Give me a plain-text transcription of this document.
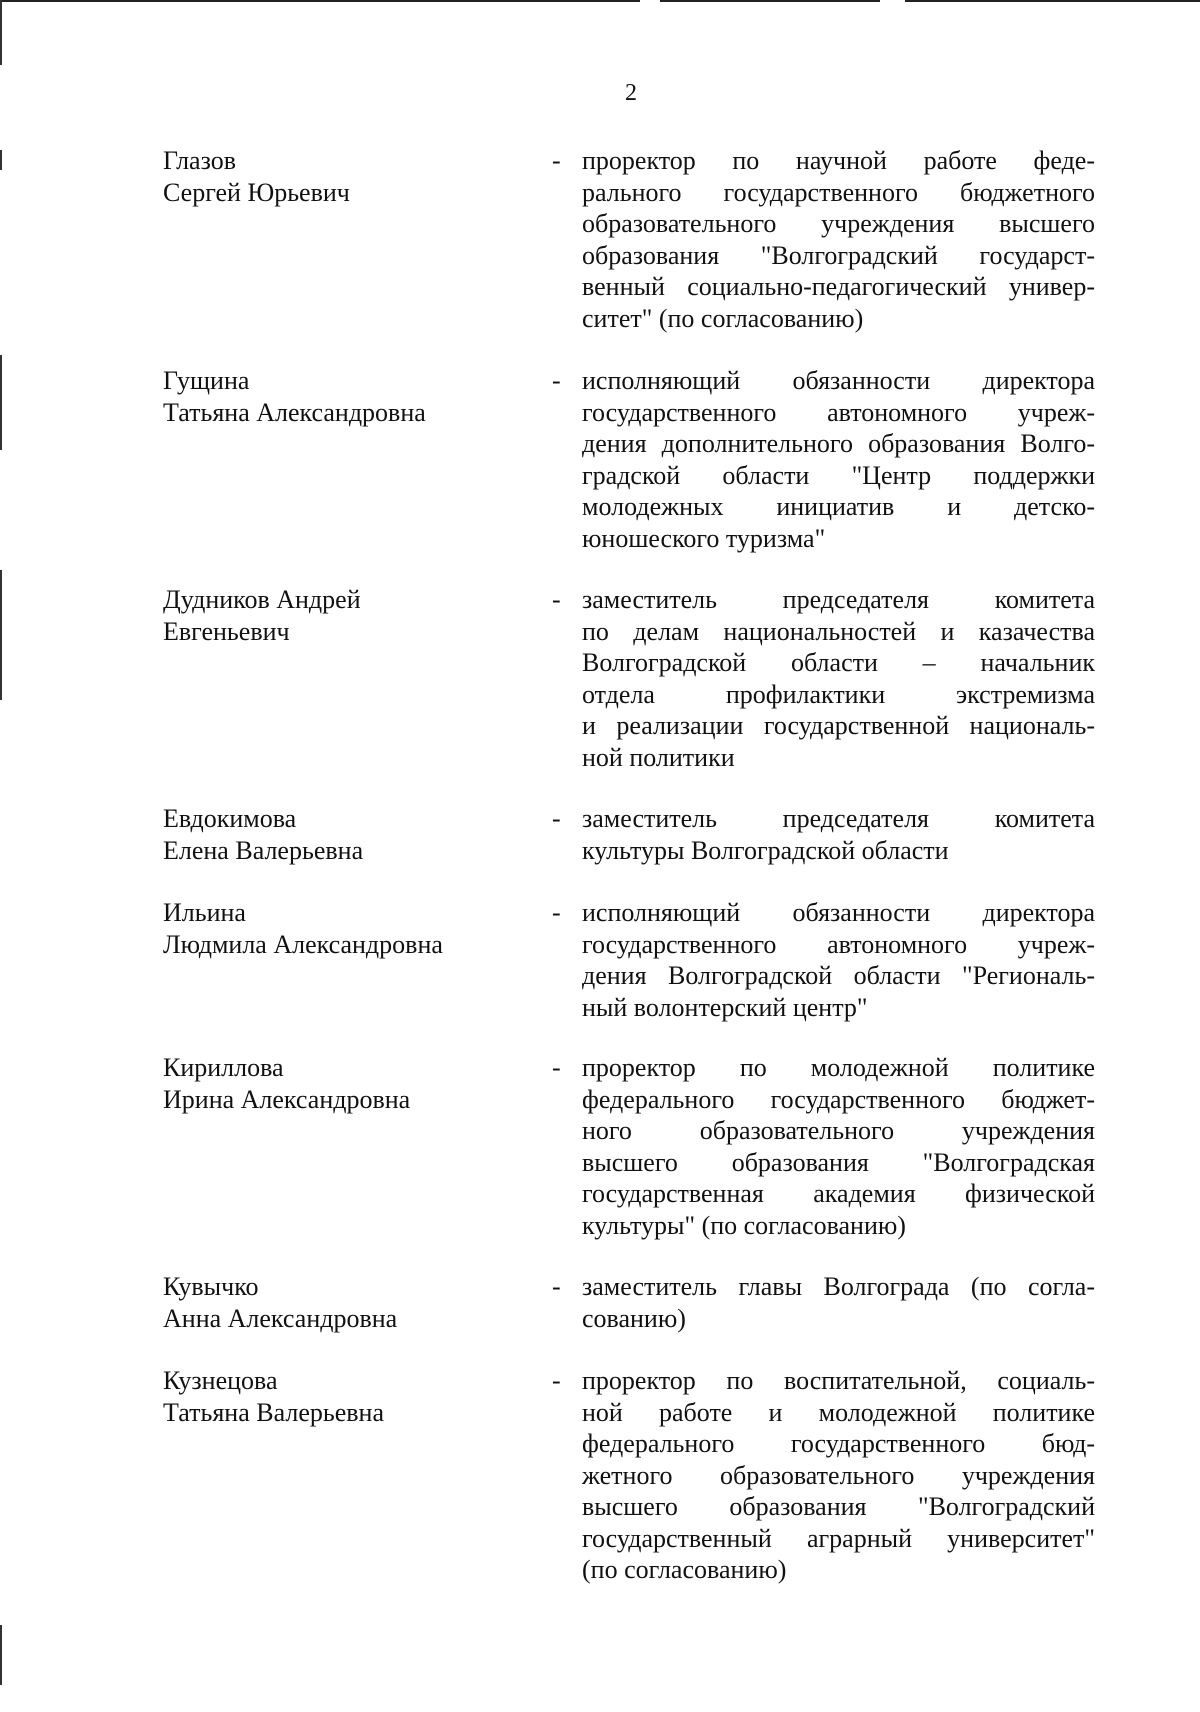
2
Глазов
Сергей Юрьевич
- проректор по научной работе феде-
рального государственного бюджетного
образовательного учреждения высшего
образования "Волгоградский государст-
венный социально-педагогический универ-
ситет" (по согласованию)
Гущина
Татьяна Александровна
- исполняющий обязанности директора
государственного автономного учреж-
дения дополнительного образования Волго-
градской области "Центр поддержки
молодежных инициатив и детско-
юношеского туризма"
Дудников Андрей
Евгеньевич
- заместитель председателя комитета
по делам национальностей и казачества
Волгоградской области – начальник
отдела профилактики экстремизма
и реализации государственной националь-
ной политики
Евдокимова
Елена Валерьевна
- заместитель председателя комитета
культуры Волгоградской области
Ильина
Людмила Александровна
- исполняющий обязанности директора
государственного автономного учреж-
дения Волгоградской области "Региональ-
ный волонтерский центр"
Кириллова
Ирина Александровна
- проректор по молодежной политике
федерального государственного бюджет-
ного образовательного учреждения
высшего образования "Волгоградская
государственная академия физической
культуры" (по согласованию)
Кувычко
Анна Александровна
- заместитель главы Волгограда (по согла-
сованию)
Кузнецова
Татьяна Валерьевна
- проректор по воспитательной, социаль-
ной работе и молодежной политике
федерального государственного бюд-
жетного образовательного учреждения
высшего образования "Волгоградский
государственный аграрный университет"
(по согласованию)
